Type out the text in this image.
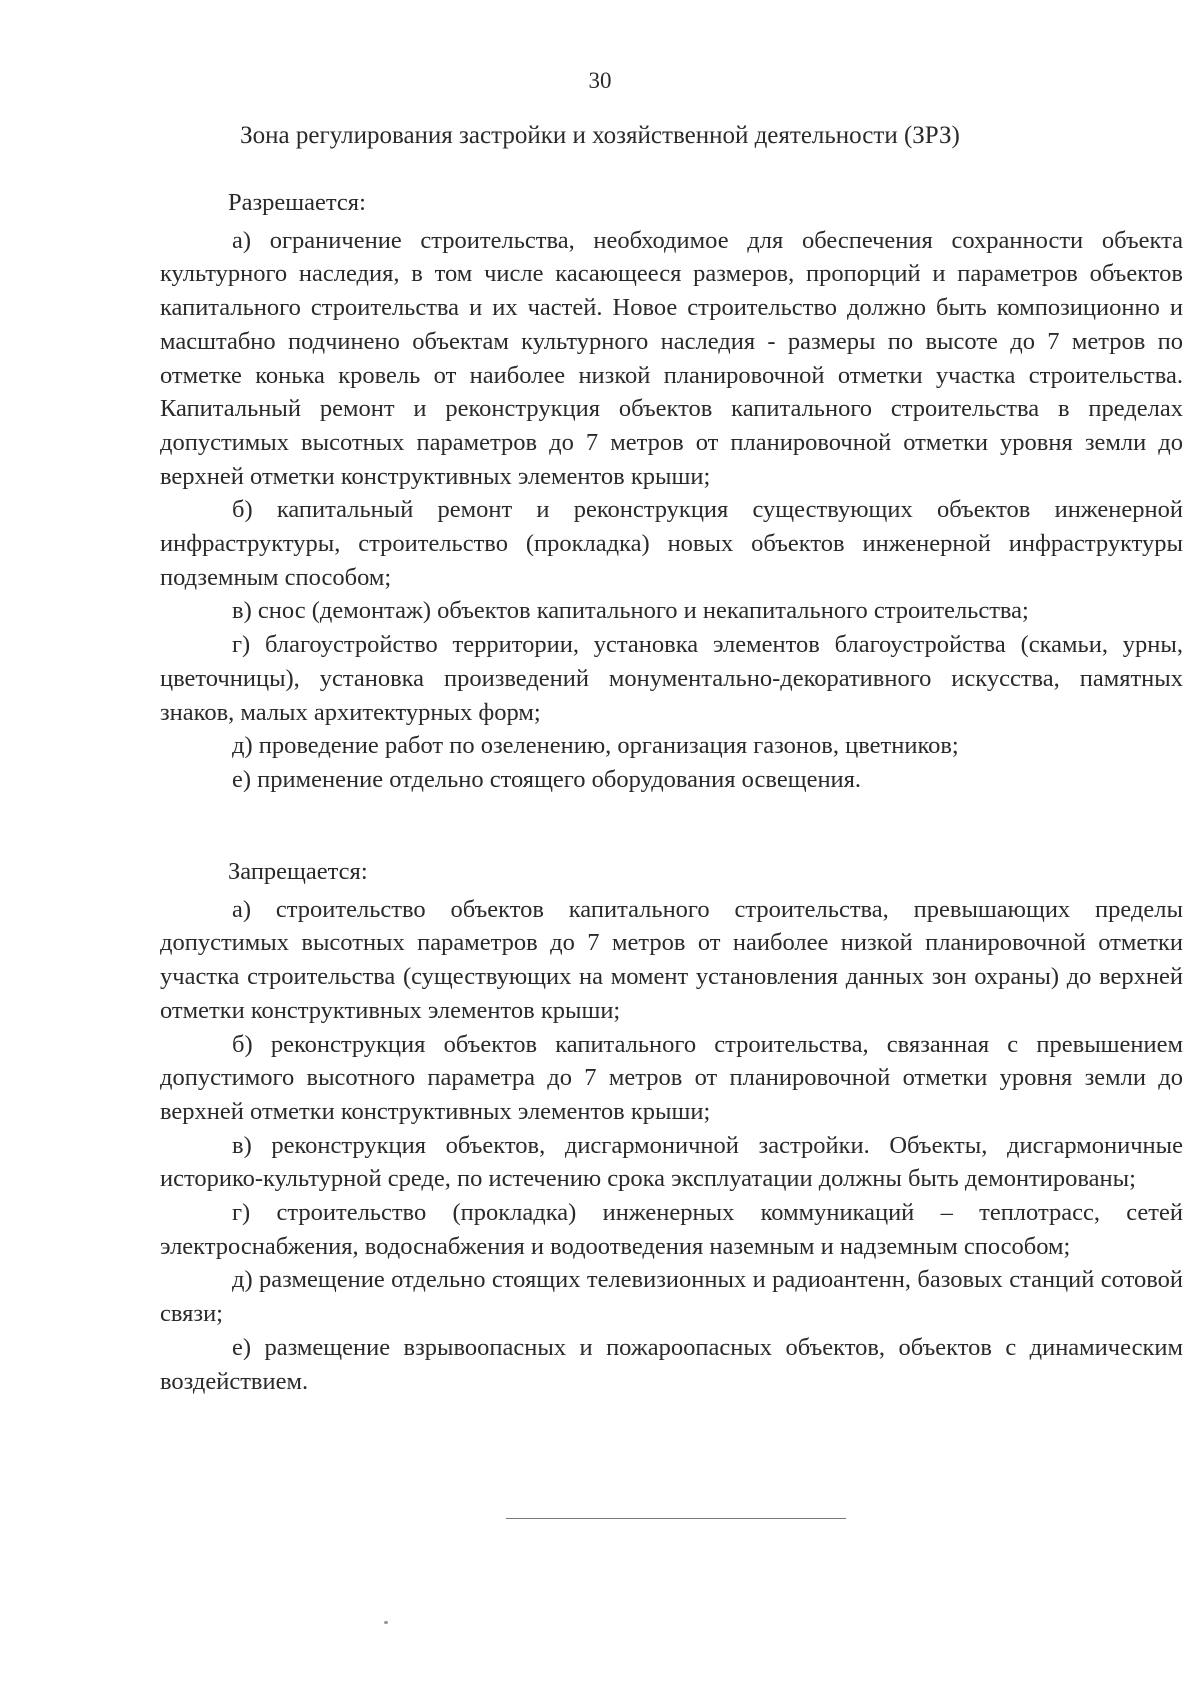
30
Зона регулирования застройки и хозяйственной деятельности (ЗРЗ)
Разрешается:

а) ограничение строительства, необходимое для обеспечения сохранности объекта культурного наследия, в том числе касающееся размеров, пропорций и параметров объектов капитального строительства и их частей. Новое строительство должно быть композиционно и масштабно подчинено объектам культурного наследия - размеры по высоте до 7 метров по отметке конька кровель от наиболее низкой планировочной отметки участка строительства. Капитальный ремонт и реконструкция объектов капитального строительства в пределах допустимых высотных параметров до 7 метров от планировочной отметки уровня земли до верхней отметки конструктивных элементов крыши;

б) капитальный ремонт и реконструкция существующих объектов инженерной инфраструктуры, строительство (прокладка) новых объектов инженерной инфраструктуры подземным способом;

в) снос (демонтаж) объектов капитального и некапитального строительства;

г) благоустройство территории, установка элементов благоустройства (скамьи, урны, цветочницы), установка произведений монументально-декоративного искусства, памятных знаков, малых архитектурных форм;

д) проведение работ по озеленению, организация газонов, цветников;

е) применение отдельно стоящего оборудования освещения.

Запрещается:

а) строительство объектов капитального строительства, превышающих пределы допустимых высотных параметров до 7 метров от наиболее низкой планировочной отметки участка строительства (существующих на момент установления данных зон охраны) до верхней отметки конструктивных элементов крыши;

б) реконструкция объектов капитального строительства, связанная с превышением допустимого высотного параметра до 7 метров от планировочной отметки уровня земли до верхней отметки конструктивных элементов крыши;

в) реконструкция объектов, дисгармоничной застройки. Объекты, дисгармоничные историко-культурной среде, по истечению срока эксплуатации должны быть демонтированы;

г) строительство (прокладка) инженерных коммуникаций – теплотрасс, сетей электроснабжения, водоснабжения и водоотведения наземным и надземным способом;

д) размещение отдельно стоящих телевизионных и радиоантенн, базовых станций сотовой связи;

е) размещение взрывоопасных и пожароопасных объектов, объектов с динамическим воздействием.
